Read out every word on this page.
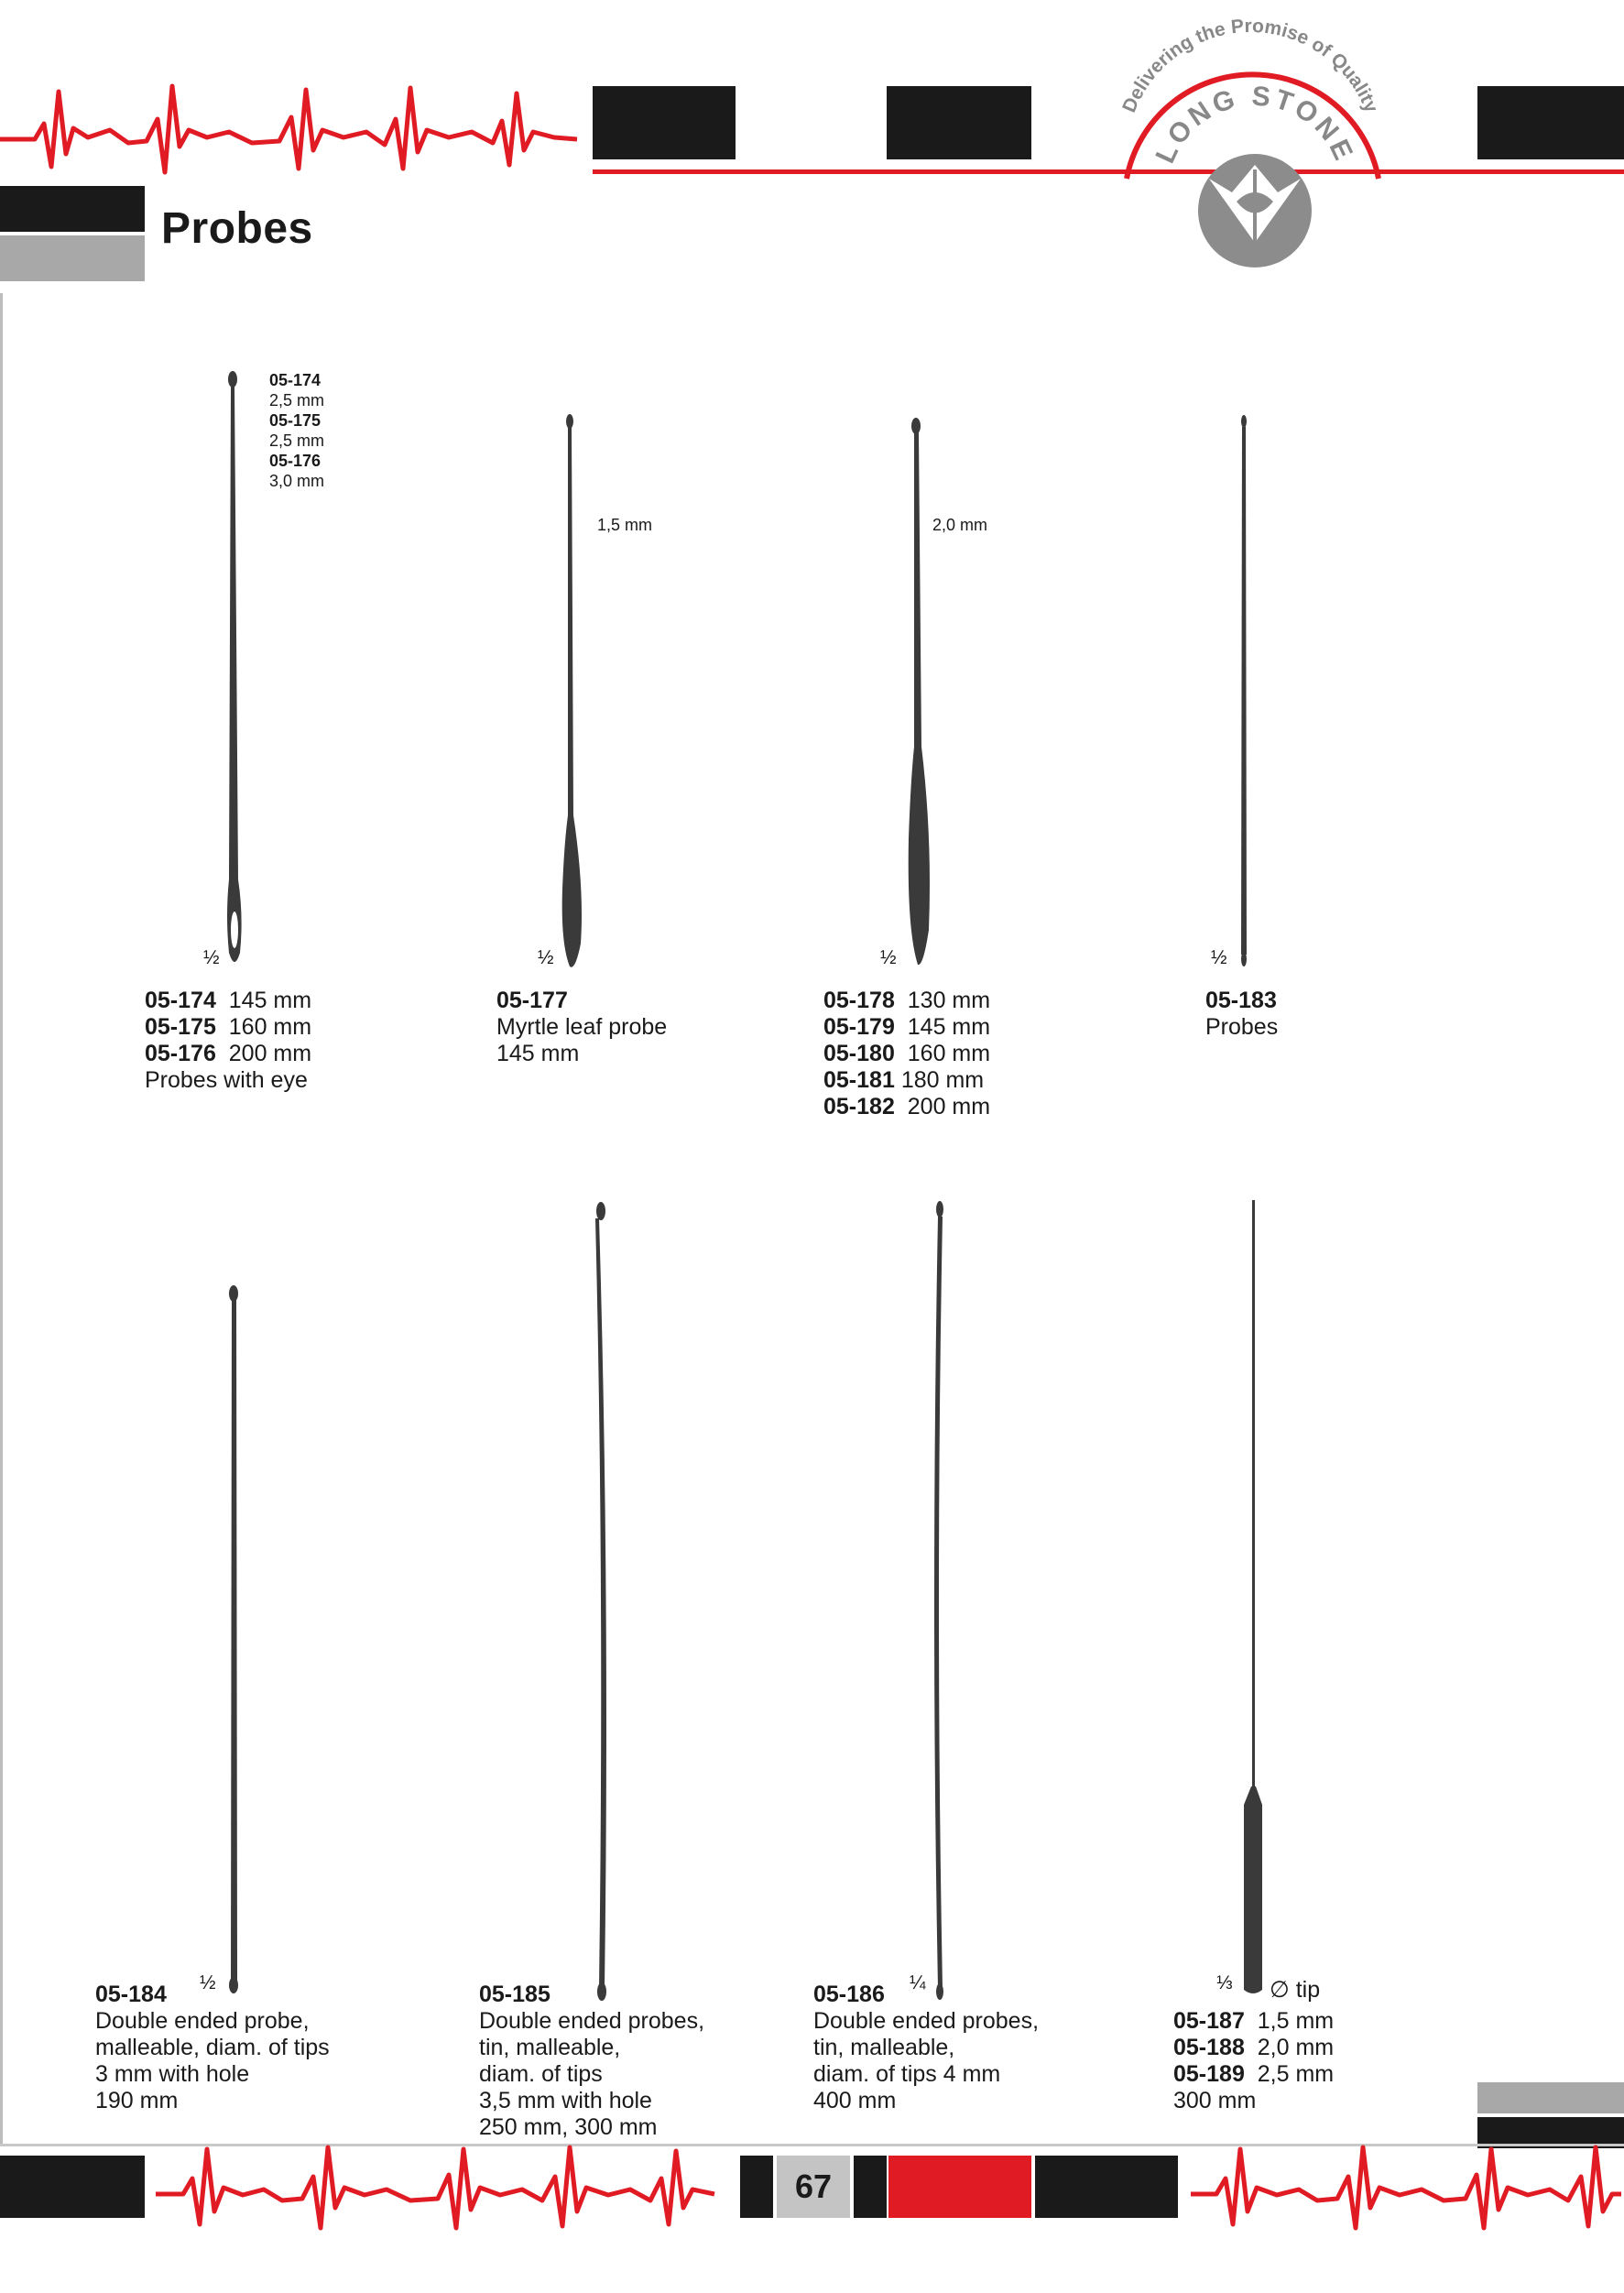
Delivering the Promise of Quality
LONG STONE
Probes
05-174
2,5 mm
05-175
2,5 mm
05-176
3,0 mm
½
1,5 mm
½
2,0 mm
½	½
05-174 145 mm
05-175 160 mm
05-176 200 mm
Probes with eye
05-177
Myrtle leaf probe
145 mm
05-178 130 mm
05-179 145 mm
05-180 160 mm
05-181 180 mm
05-182 200 mm
05-183
Probes
½	¼	⅓ ∅ tip
05-184
Double ended probe,
malleable, diam. of tips
3 mm with hole
190 mm
05-185
Double ended probes,
tin, malleable,
diam. of tips
3,5 mm with hole
250 mm, 300 mm
05-186
Double ended probes,
tin, malleable,
diam. of tips 4 mm
400 mm
05-187 1,5 mm
05-188 2,0 mm
05-189 2,5 mm
300 mm
67
